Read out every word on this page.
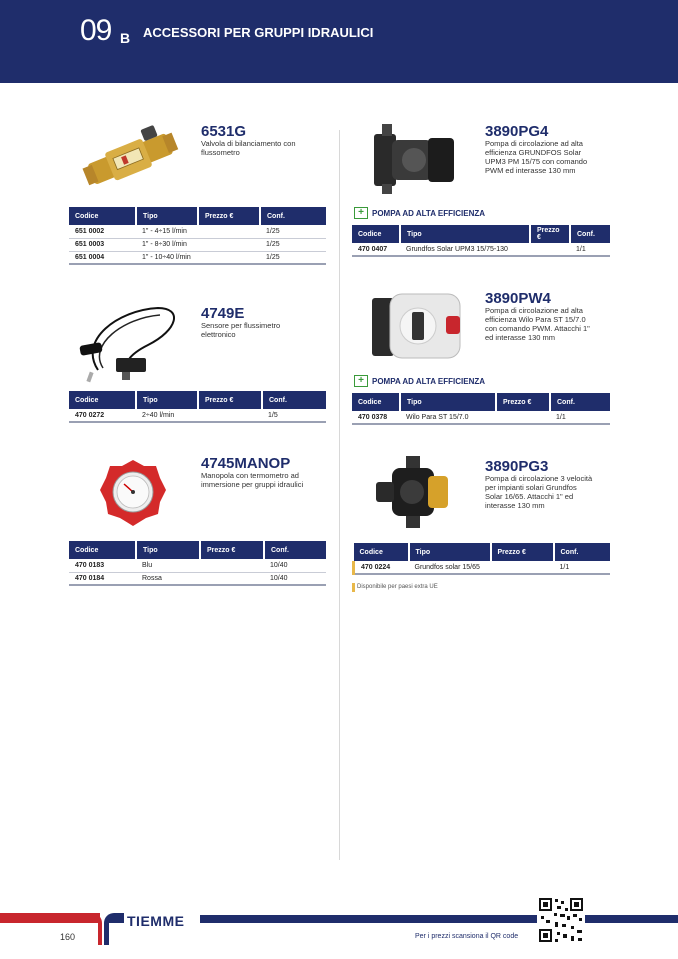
09 B ACCESSORI PER GRUPPI IDRAULICI
6531G
Valvola di bilanciamento con
flussometro
Codice	Tipo	Prezzo €	Conf.
651 0002	1" - 4÷15 l/min		1/25
651 0003	1" - 8÷30 l/min		1/25
651 0004	1" - 10÷40 l/min		1/25
4749E
Sensore per flussimetro
elettronico
Codice	Tipo	Prezzo €	Conf.
470 0272	2÷40 l/min		1/5
4745MANOP
Manopola con termometro ad
immersione per gruppi idraulici
Codice	Tipo	Prezzo €	Conf.
470 0183	Blu		10/40
470 0184	Rossa		10/40
3890PG4
Pompa di circolazione ad alta
efficienza GRUNDFOS Solar
UPM3 PM 15/75 con comando
PWM ed interasse 130 mm
+	POMPA AD ALTA EFFICIENZA
Codice	Tipo	Prezzo €	Conf.
470 0407	Grundfos Solar UPM3 15/75-130		1/1
3890PW4
Pompa di circolazione ad alta
efficienza Wilo Para ST 15/7.0
con comando PWM. Attacchi 1"
ed interasse 130 mm
+	POMPA AD ALTA EFFICIENZA
Codice	Tipo	Prezzo €	Conf.
470 0378	Wilo Para ST 15/7.0		1/1
3890PG3
Pompa di circolazione 3 velocità
per impianti solari Grundfos
Solar 16/65. Attacchi 1" ed
interasse 130 mm
Codice	Tipo	Prezzo €	Conf.
470 0224	Grundfos solar 15/65		1/1
Disponibile per paesi extra UE
TIEMME
160	Per i prezzi scansiona il QR code
